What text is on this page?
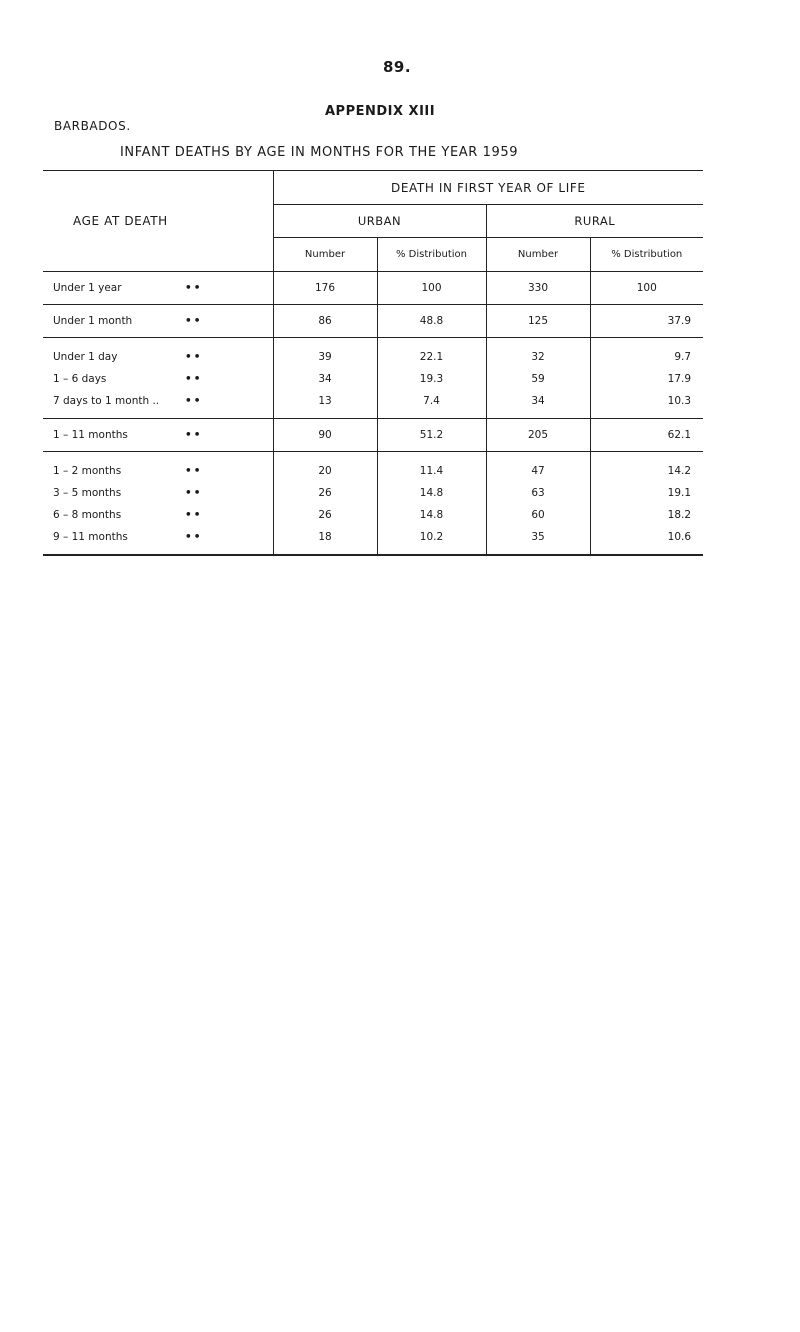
89.
APPENDIX XIII
BARBADOS.
INFANT DEATHS BY AGE IN MONTHS FOR THE YEAR 1959
AGE AT DEATH	DEATH IN FIRST YEAR OF LIFE			
	URBAN		RURAL	
	Number	% Distribution	Number	% Distribution
Under 1 year ••	176	100	330	100
Under 1 month ••	86	48.8	125	37.9
Under 1 day ••	39	22.1	32	9.7
1 – 6 days ••	34	19.3	59	17.9
7 days to 1 month .. ••	13	7.4	34	10.3
1 – 11 months ••	90	51.2	205	62.1
1 – 2 months ••	20	11.4	47	14.2
3 – 5 months ••	26	14.8	63	19.1
6 – 8 months ••	26	14.8	60	18.2
9 – 11 months ••	18	10.2	35	10.6
